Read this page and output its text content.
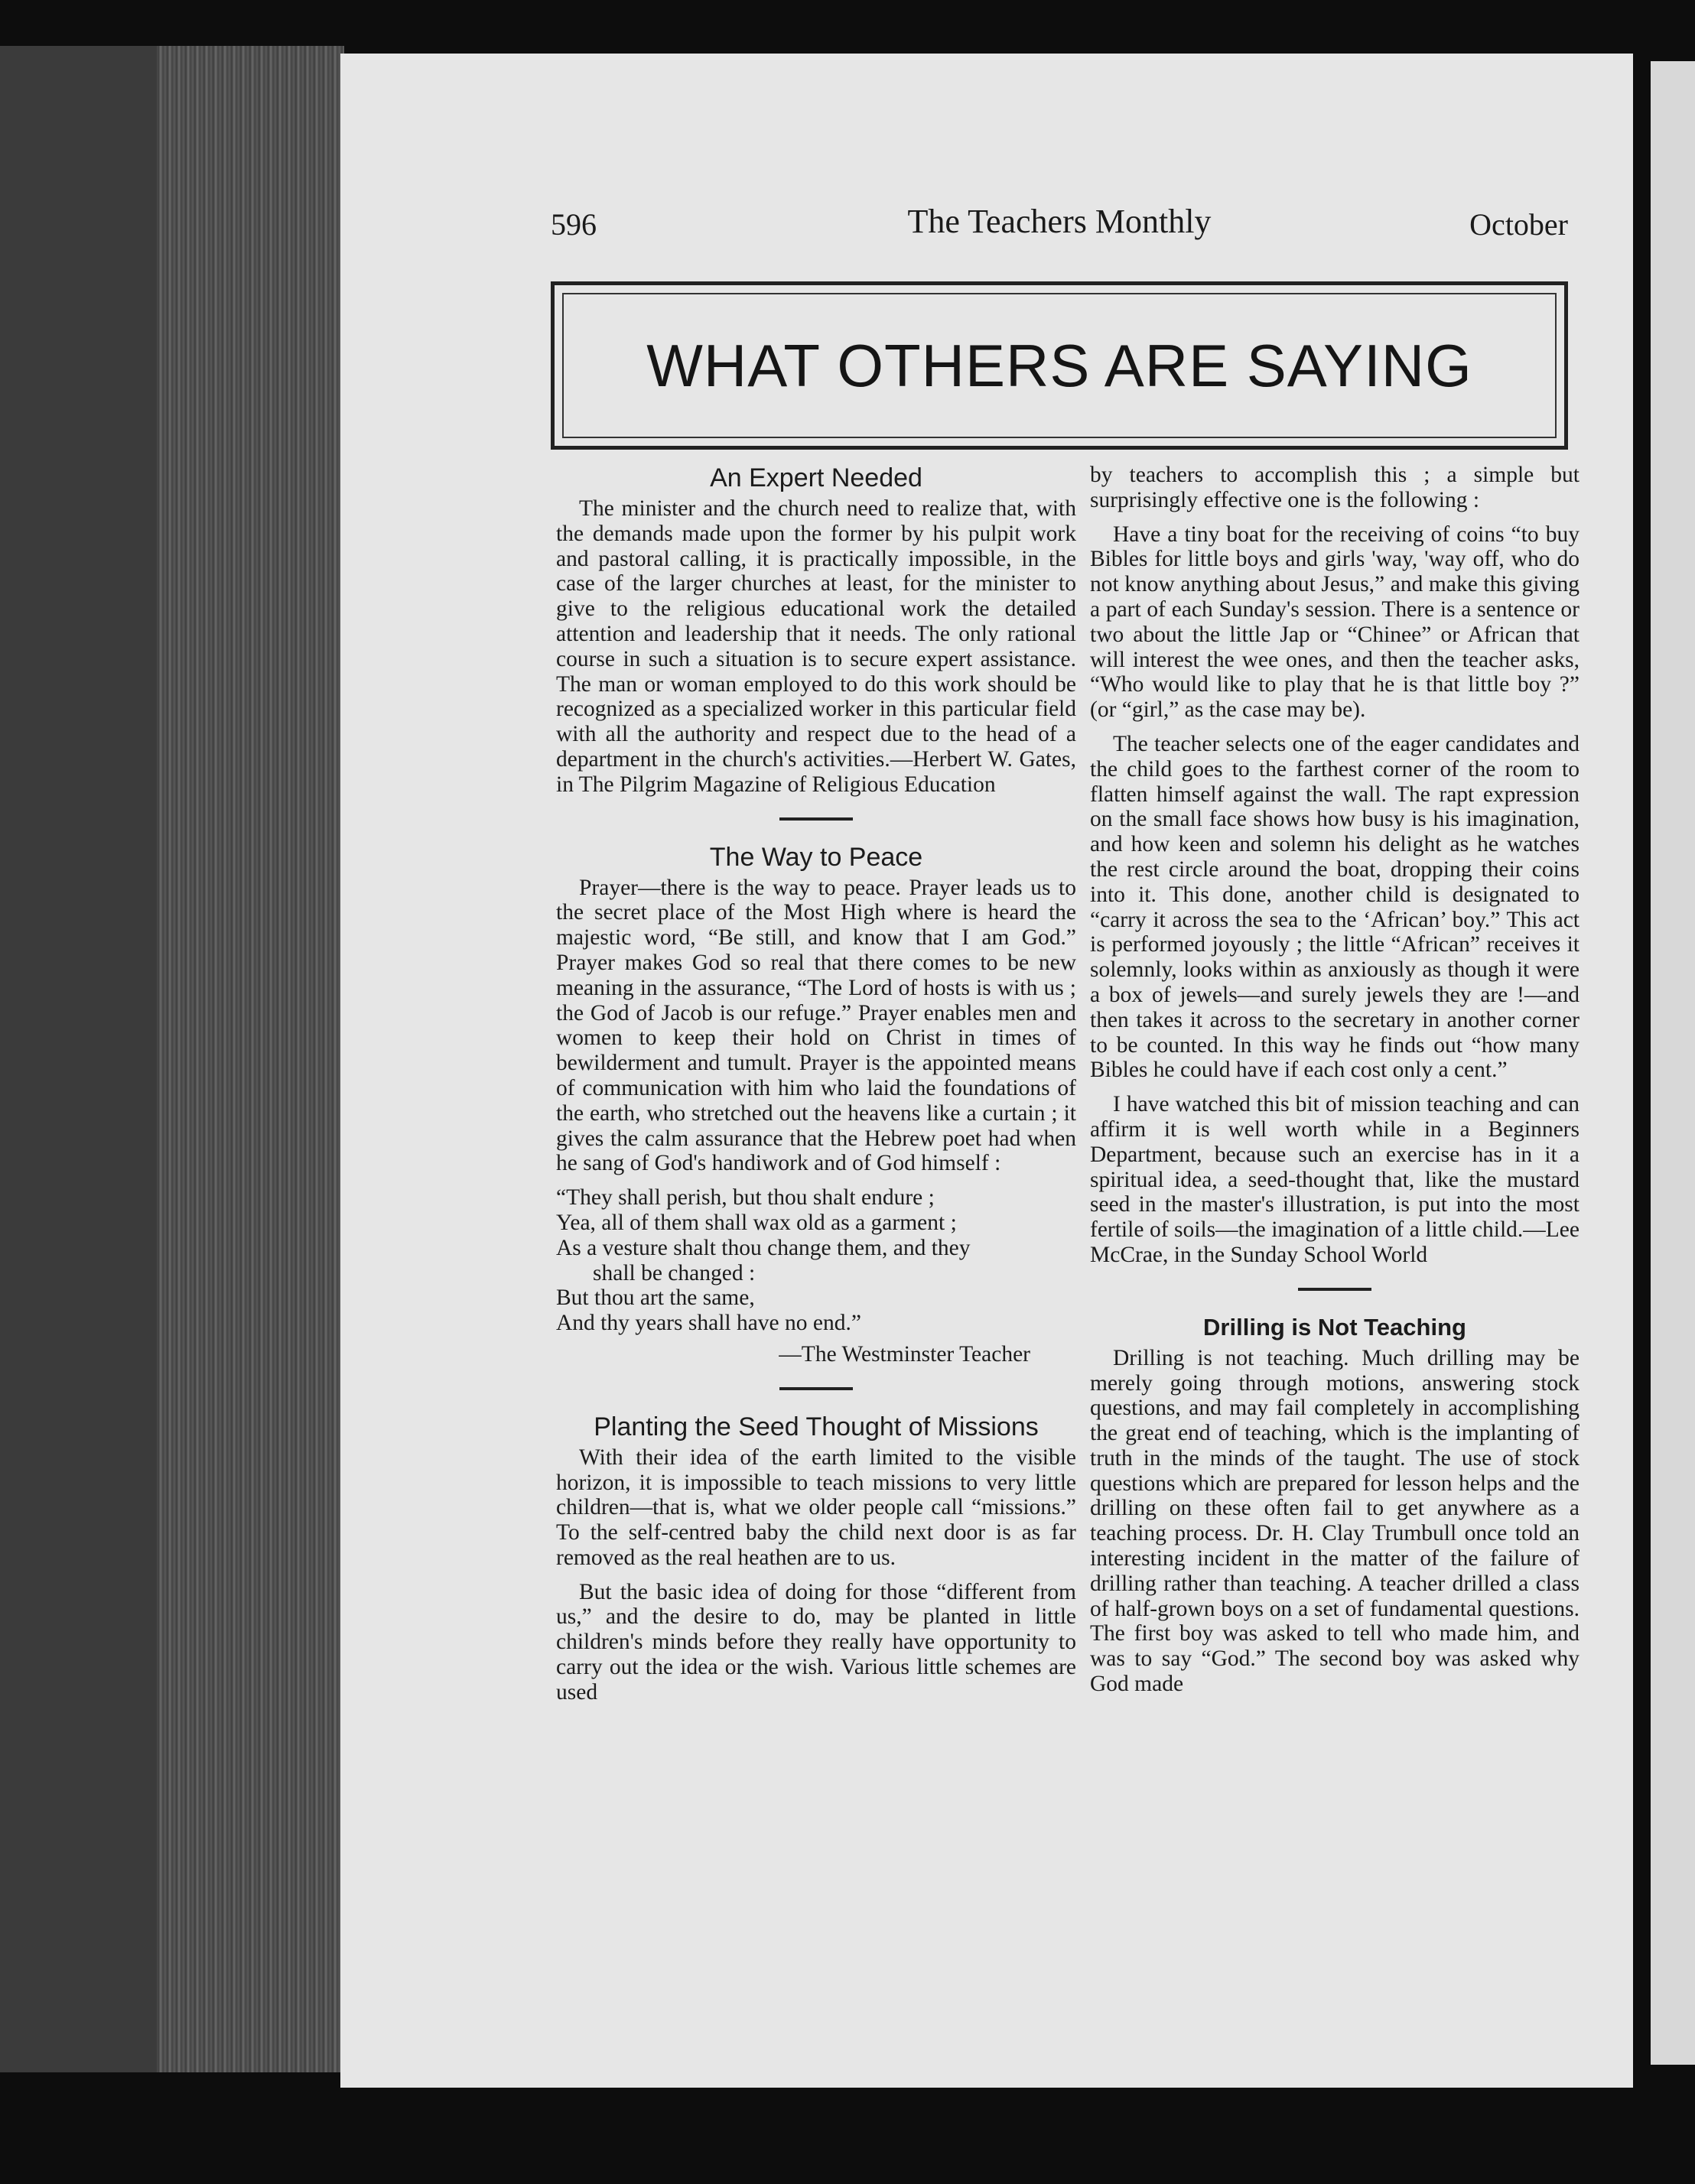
596	The Teachers Monthly	October
WHAT OTHERS ARE SAYING
An Expert Needed

The minister and the church need to realize that, with the demands made upon the former by his pulpit work and pastoral calling, it is practically impossible, in the case of the larger churches at least, for the minister to give to the religious educational work the detailed attention and leadership that it needs. The only rational course in such a situation is to secure expert assistance. The man or woman employed to do this work should be recognized as a specialized worker in this particular field with all the authority and respect due to the head of a department in the church's activities.—Herbert W. Gates, in The Pilgrim Magazine of Religious Education

The Way to Peace

Prayer—there is the way to peace. Prayer leads us to the secret place of the Most High where is heard the majestic word, “Be still, and know that I am God.” Prayer makes God so real that there comes to be new meaning in the assurance, “The Lord of hosts is with us ; the God of Jacob is our refuge.” Prayer enables men and women to keep their hold on Christ in times of bewilderment and tumult. Prayer is the appointed means of communication with him who laid the foundations of the earth, who stretched out the heavens like a curtain ; it gives the calm assurance that the Hebrew poet had when he sang of God's handiwork and of God himself :

“They shall perish, but thou shalt endure ;
Yea, all of them shall wax old as a garment ;
As a vesture shalt thou change them, and they
shall be changed :
But thou art the same,
And thy years shall have no end.”
—The Westminster Teacher
Planting the Seed Thought of Missions

With their idea of the earth limited to the visible horizon, it is impossible to teach missions to very little children—that is, what we older people call “missions.” To the self-centred baby the child next door is as far removed as the real heathen are to us.

But the basic idea of doing for those “different from us,” and the desire to do, may be planted in little children's minds before they really have opportunity to carry out the idea or the wish. Various little schemes are used

by teachers to accomplish this ; a simple but surprisingly effective one is the following :

Have a tiny boat for the receiving of coins “to buy Bibles for little boys and girls 'way, 'way off, who do not know anything about Jesus,” and make this giving a part of each Sunday's session. There is a sentence or two about the little Jap or “Chinee” or African that will interest the wee ones, and then the teacher asks, “Who would like to play that he is that little boy ?” (or “girl,” as the case may be).

The teacher selects one of the eager candidates and the child goes to the farthest corner of the room to flatten himself against the wall. The rapt expression on the small face shows how busy is his imagination, and how keen and solemn his delight as he watches the rest circle around the boat, dropping their coins into it. This done, another child is designated to “carry it across the sea to the ‘African’ boy.” This act is performed joyously ; the little “African” receives it solemnly, looks within as anxiously as though it were a box of jewels—and surely jewels they are !—and then takes it across to the secretary in another corner to be counted. In this way he finds out “how many Bibles he could have if each cost only a cent.”

I have watched this bit of mission teaching and can affirm it is well worth while in a Beginners Department, because such an exercise has in it a spiritual idea, a seed-thought that, like the mustard seed in the master's illustration, is put into the most fertile of soils—the imagination of a little child.—Lee McCrae, in the Sunday School World

Drilling is Not Teaching

Drilling is not teaching. Much drilling may be merely going through motions, answering stock questions, and may fail completely in accomplishing the great end of teaching, which is the implanting of truth in the minds of the taught. The use of stock questions which are prepared for lesson helps and the drilling on these often fail to get anywhere as a teaching process. Dr. H. Clay Trumbull once told an interesting incident in the matter of the failure of drilling rather than teaching. A teacher drilled a class of half-grown boys on a set of fundamental questions. The first boy was asked to tell who made him, and was to say “God.” The second boy was asked why God made
